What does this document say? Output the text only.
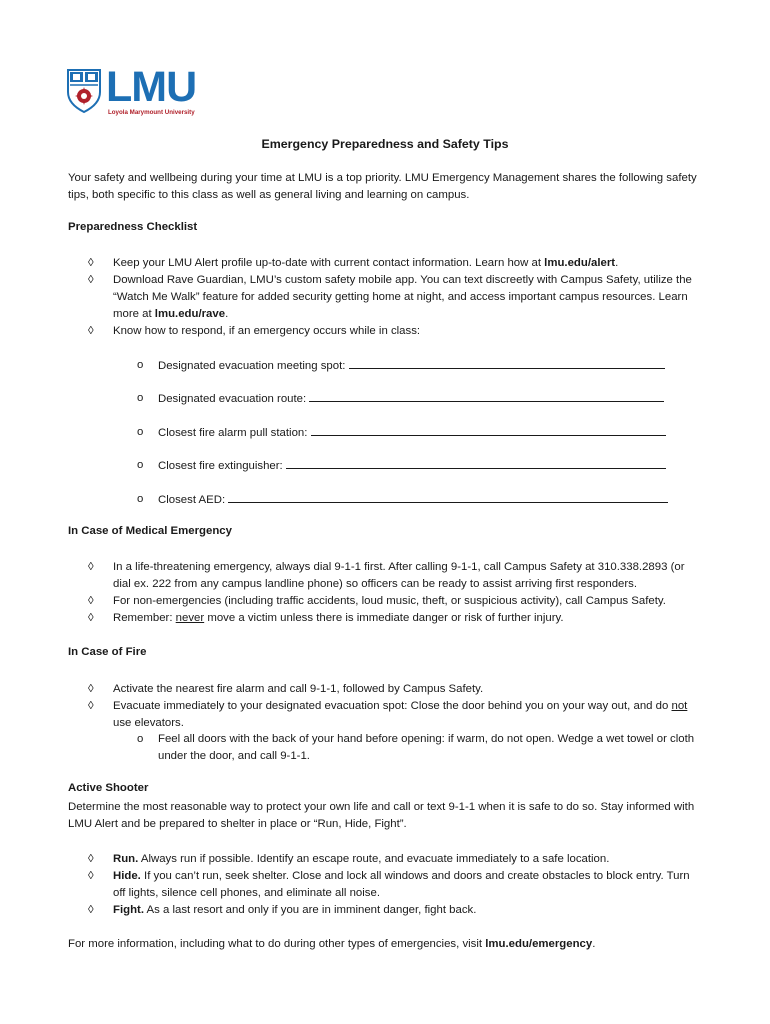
LMU
Loyola Marymount University
Emergency Preparedness and Safety Tips
Your safety and wellbeing during your time at LMU is a top priority. LMU Emergency Management shares the following safety tips, both specific to this class as well as general living and learning on campus.
Preparedness Checklist
◊	Keep your LMU Alert profile up-to-date with current contact information. Learn how at lmu.edu/alert.
◊	Download Rave Guardian, LMU’s custom safety mobile app. You can text discreetly with Campus Safety, utilize the “Watch Me Walk” feature for added security getting home at night, and access important campus resources. Learn more at lmu.edu/rave.
◊	Know how to respond, if an emergency occurs while in class:
o Designated evacuation meeting spot:
o Designated evacuation route:
o Closest fire alarm pull station:
o Closest fire extinguisher:
o Closest AED:
In Case of Medical Emergency
◊	In a life-threatening emergency, always dial 9-1-1 first. After calling 9-1-1, call Campus Safety at 310.338.2893 (or dial ex. 222 from any campus landline phone) so officers can be ready to assist arriving first responders.
◊	For non-emergencies (including traffic accidents, loud music, theft, or suspicious activity), call Campus Safety.
◊	Remember: never move a victim unless there is immediate danger or risk of further injury.
In Case of Fire
◊	Activate the nearest fire alarm and call 9-1-1, followed by Campus Safety.
◊	Evacuate immediately to your designated evacuation spot: Close the door behind you on your way out, and do not use elevators.
o Feel all doors with the back of your hand before opening: if warm, do not open. Wedge a wet towel or cloth under the door, and call 9-1-1.
Active Shooter
Determine the most reasonable way to protect your own life and call or text 9-1-1 when it is safe to do so. Stay informed with LMU Alert and be prepared to shelter in place or “Run, Hide, Fight”.
◊	Run. Always run if possible. Identify an escape route, and evacuate immediately to a safe location.
◊	Hide. If you can’t run, seek shelter. Close and lock all windows and doors and create obstacles to block entry. Turn off lights, silence cell phones, and eliminate all noise.
◊	Fight. As a last resort and only if you are in imminent danger, fight back.
For more information, including what to do during other types of emergencies, visit lmu.edu/emergency.
